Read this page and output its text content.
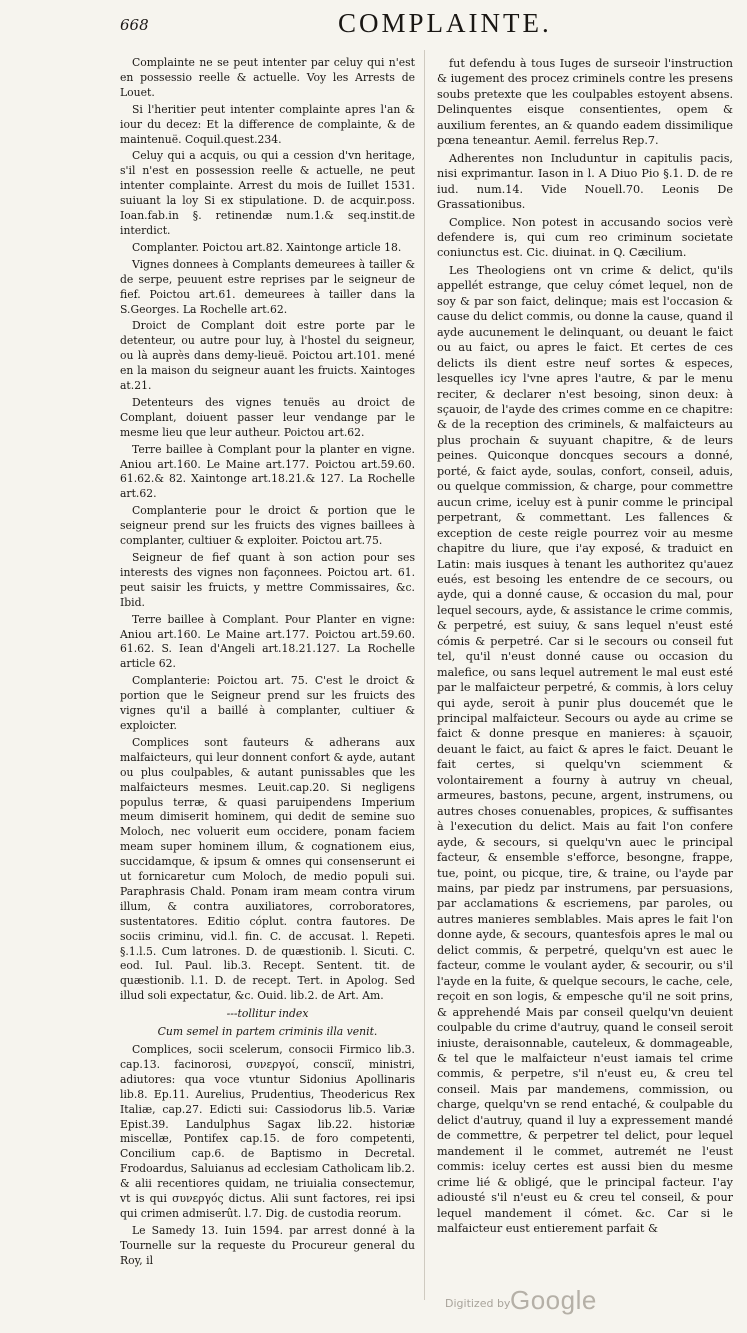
668	COMPLAINTE.

Complainte ne se peut intenter par celuy qui n'est en possessio reelle & actuelle. Voy les Arrests de Louet.

Si l'heritier peut intenter complainte apres l'an & iour du decez: Et la difference de complainte, & de maintenuë. Coquil.quest.234.

Celuy qui a acquis, ou qui a cession d'vn heritage, s'il n'est en possession reelle & actuelle, ne peut intenter complainte. Arrest du mois de Iuillet 1531. suiuant la loy Si ex stipulatione. D. de acquir.poss. Ioan.fab.in §. retinendæ num.1.& seq.instit.de interdict.

Complanter. Poictou art.82. Xaintonge article 18.

Vignes donnees à Complants demeurees à tailler & de serpe, peuuent estre reprises par le seigneur de fief. Poictou art.61. demeurees à tailler dans la S.Georges. La Rochelle art.62.

Droict de Complant doit estre porte par le detenteur, ou autre pour luy, à l'hostel du seigneur, ou là auprès dans demy-lieuë. Poictou art.101. mené en la maison du seigneur auant les fruicts. Xaintoges at.21.

Detenteurs des vignes tenuës au droict de Complant, doiuent passer leur vendange par le mesme lieu que leur autheur. Poictou art.62.

Terre baillee à Complant pour la planter en vigne. Aniou art.160. Le Maine art.177. Poictou art.59.60. 61.62.& 82. Xaintonge art.18.21.& 127. La Rochelle art.62.

Complanterie pour le droict & portion que le seigneur prend sur les fruicts des vignes baillees à complanter, cultiuer & exploiter. Poictou art.75.

Seigneur de fief quant à son action pour ses interests des vignes non façonnees. Poictou art. 61. peut saisir les fruicts, y mettre Commissaires, &c. Ibid.

Terre baillee à Complant. Pour Planter en vigne: Aniou art.160. Le Maine art.177. Poictou art.59.60. 61.62. S. Iean d'Angeli art.18.21.127. La Rochelle article 62.

Complanterie: Poictou art. 75. C'est le droict & portion que le Seigneur prend sur les fruicts des vignes qu'il a baillé à complanter, cultiuer & exploicter.

Complices sont fauteurs & adherans aux malfaicteurs, qui leur donnent confort & ayde, autant ou plus coulpables, & autant punissables que les malfaicteurs mesmes. Leuit.cap.20. Si negligens populus terræ, & quasi paruipendens Imperium meum dimiserit hominem, qui dedit de semine suo Moloch, nec voluerit eum occidere, ponam faciem meam super hominem illum, & cognationem eius, succidamque, & ipsum & omnes qui consenserunt ei ut fornicaretur cum Moloch, de medio populi sui. Paraphrasis Chald. Ponam iram meam contra virum illum, & contra auxiliatores, corroboratores, sustentatores. Editio cóplut. contra fautores. De sociis criminu, vid.l. fin. C. de accusat. l. Repeti. §.1.l.5. Cum latrones. D. de quæstionib. l. Sicuti. C. eod. Iul. Paul. lib.3. Recept. Sentent. tit. de quæstionib. l.1. D. de recept. Tert. in Apolog. Sed illud soli expectatur, &c. Ouid. lib.2. de Art. Am.

---tollitur index

Cum semel in partem criminis illa venit.

Complices, socii scelerum, consocii Firmico lib.3. cap.13. facinorosi, συνεργοί, consciï, ministri, adiutores: qua voce vtuntur Sidonius Apollinaris lib.8. Ep.11. Aurelius, Prudentius, Theodericus Rex Italiæ, cap.27. Edicti sui: Cassiodorus lib.5. Variæ Epist.39. Landulphus Sagax lib.22. historiæ miscellæ, Pontifex cap.15. de foro competenti, Concilium cap.6. de Baptismo in Decretal. Frodoardus, Saluianus ad ecclesiam Catholicam lib.2. & alii recentiores quidam, ne triuialia consectemur, vt is qui συνεργός dictus. Alii sunt factores, rei ipsi qui crimen admiserût. l.7. Dig. de custodia reorum.

Le Samedy 13. Iuin 1594. par arrest donné à la Tournelle sur la requeste du Procureur general du Roy, il

fut defendu à tous Iuges de surseoir l'instruction & iugement des procez criminels contre les presens soubs pretexte que les coulpables estoyent absens. Delinquentes eisque consentientes, opem & auxilium ferentes, an & quando eadem dissimilique pœna teneantur. Aemil. ferrelus Rep.7.

Adherentes non Includuntur in capitulis pacis, nisi exprimantur. Iason in l. A Diuo Pio §.1. D. de re iud. num.14. Vide Nouell.70. Leonis De Grassationibus.

Complice. Non potest in accusando socios verè defendere is, qui cum reo criminum societate coniunctus est. Cic. diuinat. in Q. Cæcilium.

Les Theologiens ont vn crime & delict, qu'ils appellét estrange, que celuy cómet lequel, non de soy & par son faict, delinque; mais est l'occasion & cause du delict commis, ou donne la cause, quand il ayde aucunement le delinquant, ou deuant le faict ou au faict, ou apres le faict. Et certes de ces delicts ils dient estre neuf sortes & especes, lesquelles icy l'vne apres l'autre, & par le menu reciter, & declarer n'est besoing, sinon deux: à sçauoir, de l'ayde des crimes comme en ce chapitre: & de la reception des criminels, & malfaicteurs au plus prochain & suyuant chapitre, & de leurs peines. Quiconque doncques secours a donné, porté, & faict ayde, soulas, confort, conseil, aduis, ou quelque commission, & charge, pour commettre aucun crime, iceluy est à punir comme le principal perpetrant, & commettant. Les fallences & exception de ceste reigle pourrez voir au mesme chapitre du liure, que i'ay exposé, & traduict en Latin: mais iusques à tenant les authoritez qu'auez eués, est besoing les entendre de ce secours, ou ayde, qui a donné cause, & occasion du mal, pour lequel secours, ayde, & assistance le crime commis, & perpetré, est suiuy, & sans lequel n'eust esté cómis & perpetré. Car si le secours ou conseil fut tel, qu'il n'eust donné cause ou occasion du malefice, ou sans lequel autrement le mal eust esté par le malfaicteur perpetré, & commis, à lors celuy qui ayde, seroit à punir plus doucemét que le principal malfaicteur. Secours ou ayde au crime se faict & donne presque en manieres: à sçauoir, deuant le faict, au faict & apres le faict. Deuant le fait certes, si quelqu'vn sciemment & volontairement a fourny à autruy vn cheual, armeures, bastons, pecune, argent, instrumens, ou autres choses conuenables, propices, & suffisantes à l'execution du delict. Mais au fait l'on confere ayde, & secours, si quelqu'vn auec le principal facteur, & ensemble s'efforce, besongne, frappe, tue, point, ou picque, tire, & traine, ou l'ayde par mains, par piedz par instrumens, par persuasions, par acclamations & escriemens, par paroles, ou autres manieres semblables. Mais apres le fait l'on donne ayde, & secours, quantesfois apres le mal ou delict commis, & perpetré, quelqu'vn est auec le facteur, comme le voulant ayder, & secourir, ou s'il l'ayde en la fuite, & quelque secours, le cache, cele, reçoit en son logis, & empesche qu'il ne soit prins, & apprehendé Mais par conseil quelqu'vn deuient coulpable du crime d'autruy, quand le conseil seroit iniuste, deraisonnable, cauteleux, & dommageable, & tel que le malfaicteur n'eust iamais tel crime commis, & perpetre, s'il n'eust eu, & creu tel conseil. Mais par mandemens, commission, ou charge, quelqu'vn se rend entaché, & coulpable du delict d'autruy, quand il luy a expressement mandé de commettre, & perpetrer tel delict, pour lequel mandement il le commet, autremét ne l'eust commis: iceluy certes est aussi bien du mesme crime lié & obligé, que le principal facteur. I'ay adiousté s'il n'eust eu & creu tel conseil, & pour lequel mandement il cómet. &c. Car si le malfaicteur eust entierement parfait &

Digitized by Google
